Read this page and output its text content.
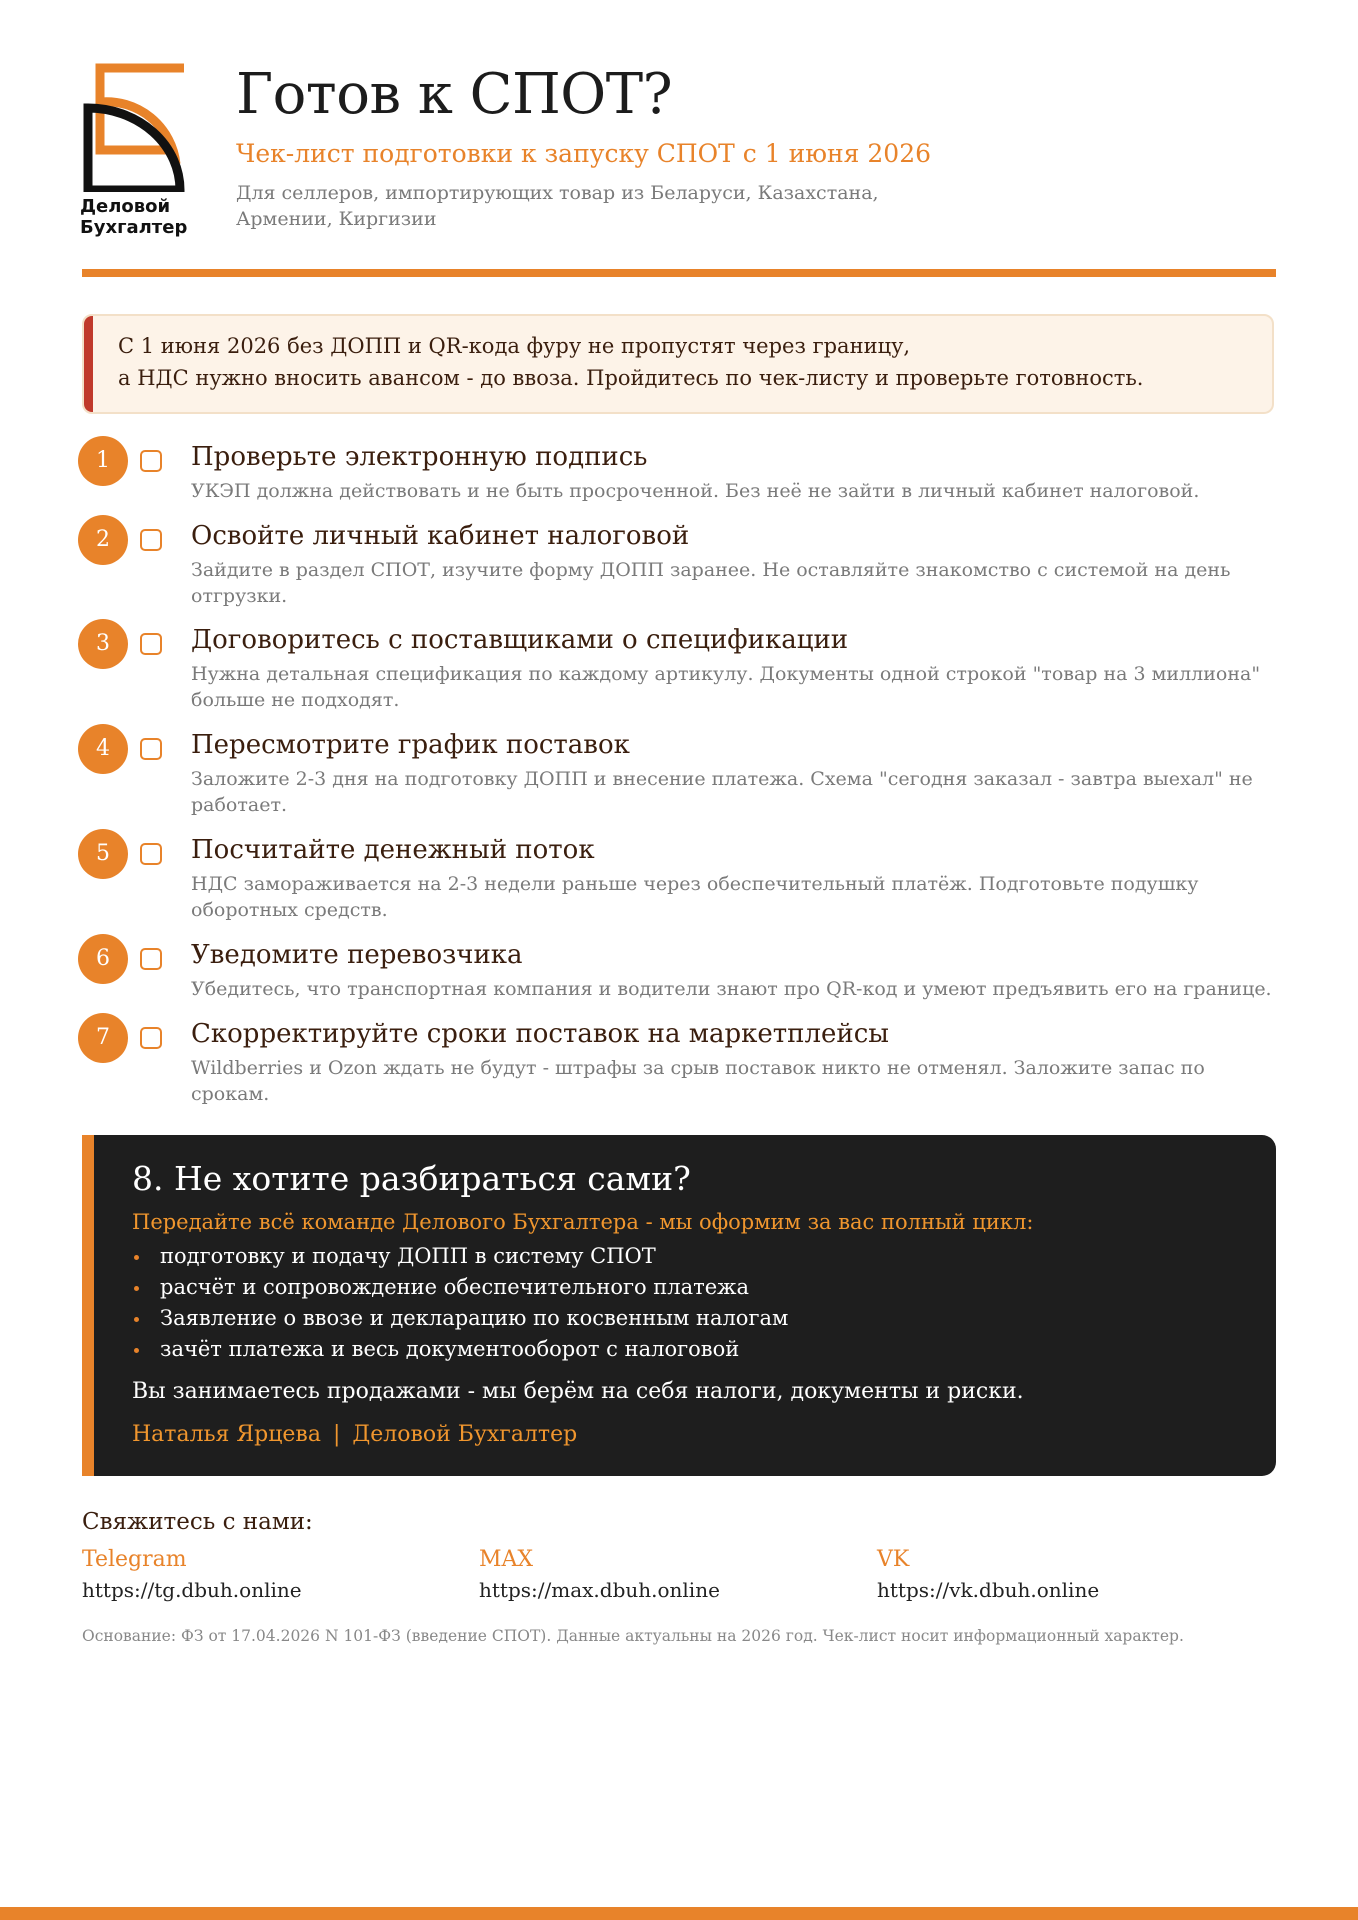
Деловой
Бухгалтер
Готов к СПОТ?
Чек-лист подготовки к запуску СПОТ с 1 июня 2026
Для селлеров, импортирующих товар из Беларуси, Казахстана, Армении, Киргизии
С 1 июня 2026 без ДОПП и QR-кода фуру не пропустят через границу,
а НДС нужно вносить авансом - до ввоза. Пройдитесь по чек-листу и проверьте готовность.
1	Проверьте электронную подпись
УКЭП должна действовать и не быть просроченной. Без неё не зайти в личный кабинет налоговой.
2	Освойте личный кабинет налоговой
Зайдите в раздел СПОТ, изучите форму ДОПП заранее. Не оставляйте знакомство с системой на день отгрузки.
3	Договоритесь с поставщиками о спецификации
Нужна детальная спецификация по каждому артикулу. Документы одной строкой "товар на 3 миллиона" больше не подходят.
4	Пересмотрите график поставок
Заложите 2-3 дня на подготовку ДОПП и внесение платежа. Схема "сегодня заказал - завтра выехал" не работает.
5	Посчитайте денежный поток
НДС замораживается на 2-3 недели раньше через обеспечительный платёж. Подготовьте подушку оборотных средств.
6	Уведомите перевозчика
Убедитесь, что транспортная компания и водители знают про QR-код и умеют предъявить его на границе.
7	Скорректируйте сроки поставок на маркетплейсы
Wildberries и Ozon ждать не будут - штрафы за срыв поставок никто не отменял. Заложите запас по срокам.
8. Не хотите разбираться сами?
Передайте всё команде Делового Бухгалтера - мы оформим за вас полный цикл:
подготовку и подачу ДОПП в систему СПОТ
расчёт и сопровождение обеспечительного платежа
Заявление о ввозе и декларацию по косвенным налогам
зачёт платежа и весь документооборот с налоговой
Вы занимаетесь продажами - мы берём на себя налоги, документы и риски.
Наталья Ярцева | Деловой Бухгалтер
Свяжитесь с нами:
Telegram
https://tg.dbuh.online
MAX
https://max.dbuh.online
VK
https://vk.dbuh.online
Основание: ФЗ от 17.04.2026 N 101-ФЗ (введение СПОТ). Данные актуальны на 2026 год. Чек-лист носит информационный характер.
